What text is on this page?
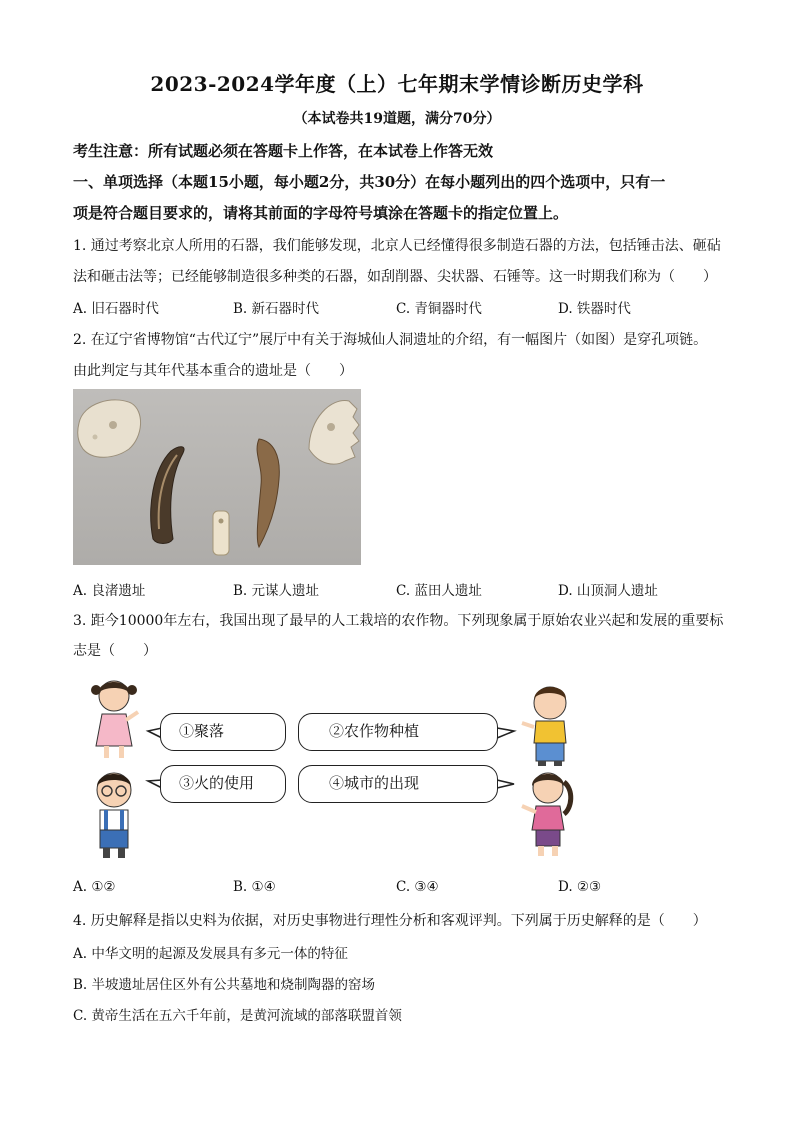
2023-2024学年度（上）七年期末学情诊断历史学科
（本试卷共19道题，满分70分）
考生注意：所有试题必须在答题卡上作答，在本试卷上作答无效
一、单项选择（本题15小题，每小题2分，共30分）在每小题列出的四个选项中，只有一
项是符合题目要求的，请将其前面的字母符号填涂在答题卡的指定位置上。
1. 通过考察北京人所用的石器，我们能够发现，北京人已经懂得很多制造石器的方法，包括锤击法、砸砧
法和砸击法等；已经能够制造很多种类的石器，如刮削器、尖状器、石锤等。这一时期我们称为（　　）
A. 旧石器时代	B. 新石器时代	C. 青铜器时代	D. 铁器时代
2. 在辽宁省博物馆“古代辽宁”展厅中有关于海城仙人洞遗址的介绍，有一幅图片（如图）是穿孔项链。
由此判定与其年代基本重合的遗址是（　　）
A. 良渚遗址	B. 元谋人遗址	C. 蓝田人遗址	D. 山顶洞人遗址
3. 距今10000年左右，我国出现了最早的人工栽培的农作物。下列现象属于原始农业兴起和发展的重要标
志是（　　）
①聚落	②农作物种植
③火的使用	④城市的出现
A. ①②	B. ①④	C. ③④	D. ②③
4. 历史解释是指以史料为依据，对历史事物进行理性分析和客观评判。下列属于历史解释的是（　　）
A. 中华文明的起源及发展具有多元一体的特征
B. 半坡遗址居住区外有公共墓地和烧制陶器的窑场
C. 黄帝生活在五六千年前，是黄河流域的部落联盟首领
